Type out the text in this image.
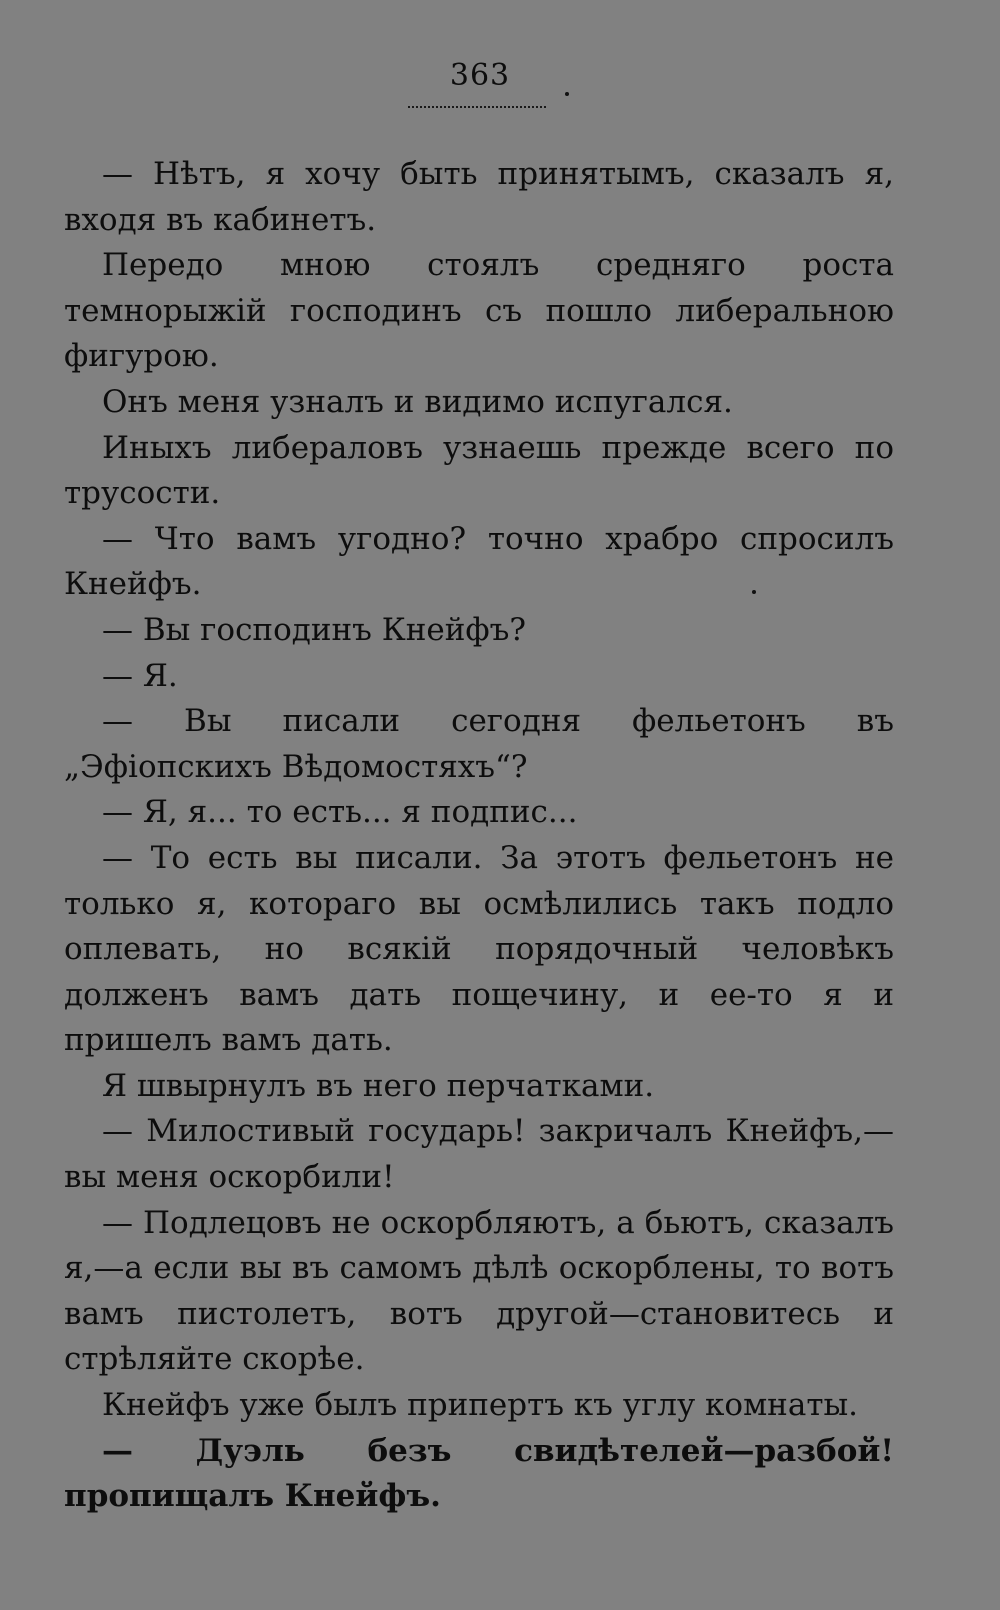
363

— Нѣтъ, я хочу быть принятымъ, сказалъ я, входя въ кабинетъ.

Передо мною стоялъ средняго роста темнорыжій господинъ съ пошло либеральною фигурою.

Онъ меня узналъ и видимо испугался.

Иныхъ либераловъ узнаешь прежде всего по трусости.

— Что вамъ угодно? точно храбро спросилъ Кнейфъ.

— Вы господинъ Кнейфъ?

— Я.

— Вы писали сегодня фельетонъ въ „Эфіопскихъ Вѣдомостяхъ“?

— Я, я... то есть... я подпис...

— То есть вы писали. За этотъ фельетонъ не только я, котораго вы осмѣлились такъ подло оплевать, но всякій порядочный человѣкъ долженъ вамъ дать пощечину, и ее-то я и пришелъ вамъ дать.

Я швырнулъ въ него перчатками.

— Милостивый государь! закричалъ Кнейфъ,— вы меня оскорбили!

— Подлецовъ не оскорбляютъ, а бьютъ, сказалъ я,—а если вы въ самомъ дѣлѣ оскорблены, то вотъ вамъ пистолетъ, вотъ другой—становитесь и стрѣляйте скорѣе.

Кнейфъ уже былъ припертъ къ углу комнаты.

— Дуэль безъ свидѣтелей—разбой! пропищалъ Кнейфъ.
